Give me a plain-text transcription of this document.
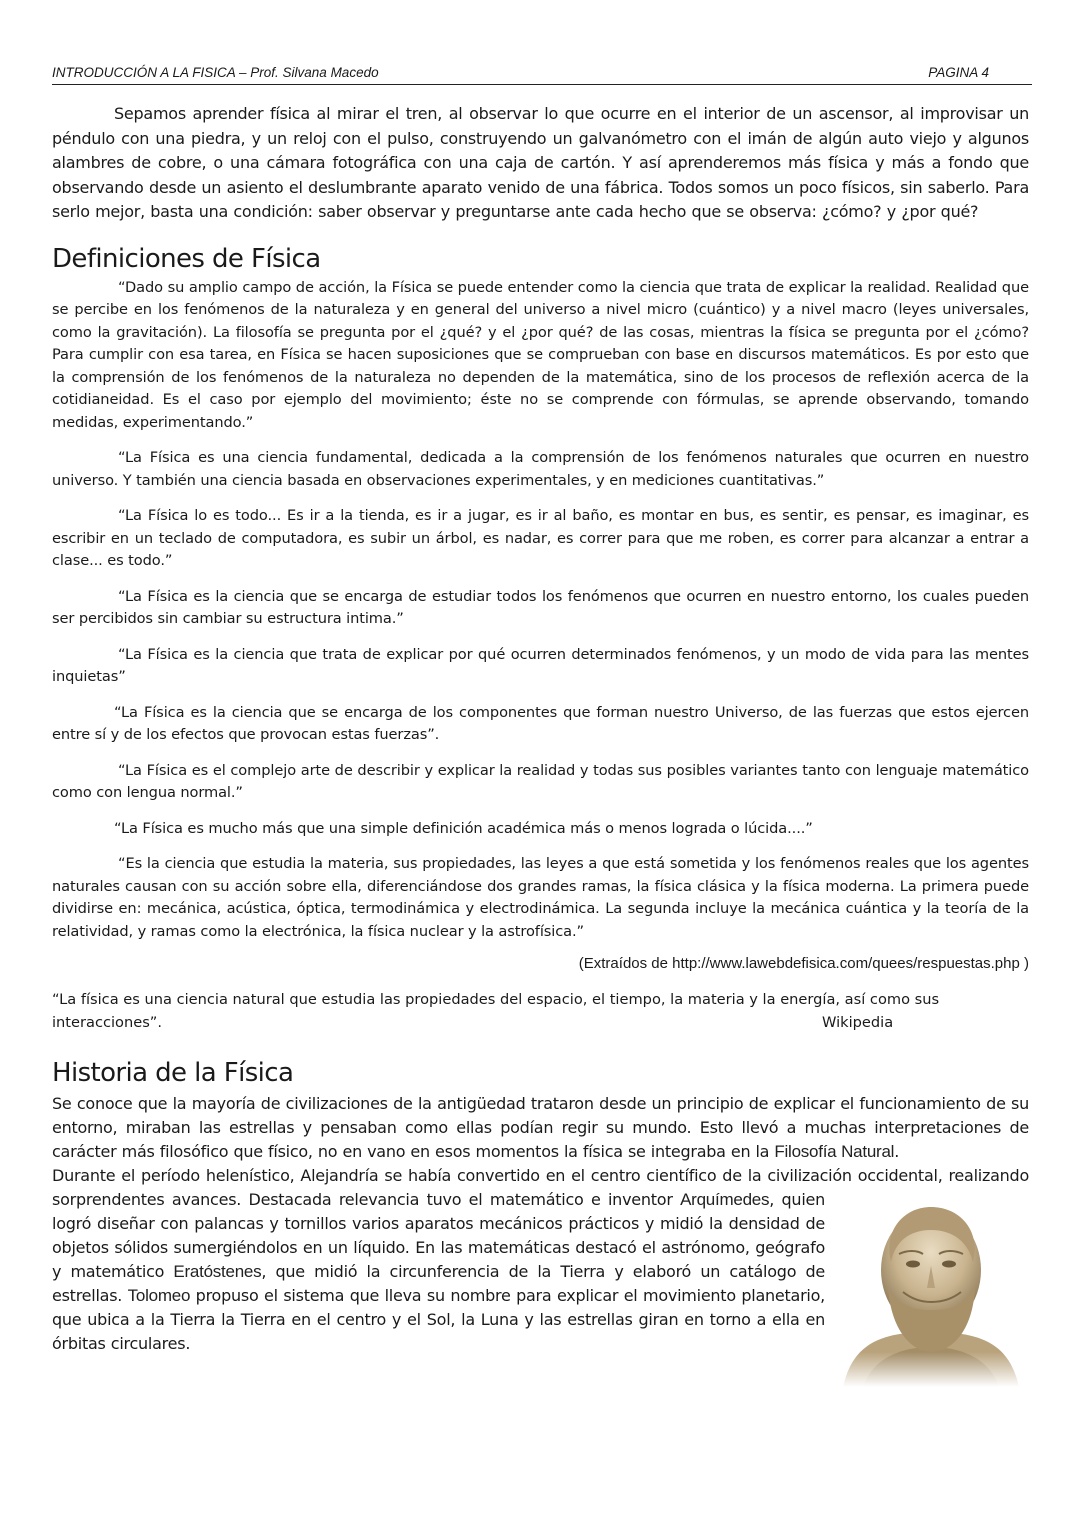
INTRODUCCIÓN A LA FISICA – Prof. Silvana Macedo	PAGINA 4

Sepamos aprender física al mirar el tren, al observar lo que ocurre en el interior de un ascensor, al improvisar un péndulo con una piedra, y un reloj con el pulso, construyendo un galvanómetro con el imán de algún auto viejo y algunos alambres de cobre, o una cámara fotográfica con una caja de cartón. Y así aprenderemos más física y más a fondo que observando desde un asiento el deslumbrante aparato venido de una fábrica. Todos somos un poco físicos, sin saberlo. Para serlo mejor, basta una condición: saber observar y preguntarse ante cada hecho que se observa: ¿cómo? y ¿por qué?

Definiciones de Física

“Dado su amplio campo de acción, la Física se puede entender como la ciencia que trata de explicar la realidad. Realidad que se percibe en los fenómenos de la naturaleza y en general del universo a nivel micro (cuántico) y a nivel macro (leyes universales, como la gravitación). La filosofía se pregunta por el ¿qué? y el ¿por qué? de las cosas, mientras la física se pregunta por el ¿cómo? Para cumplir con esa tarea, en Física se hacen suposiciones que se comprueban con base en discursos matemáticos. Es por esto que la comprensión de los fenómenos de la naturaleza no dependen de la matemática, sino de los procesos de reflexión acerca de la cotidianeidad. Es el caso por ejemplo del movimiento; éste no se comprende con fórmulas, se aprende observando, tomando medidas, experimentando.”

“La Física es una ciencia fundamental, dedicada a la comprensión de los fenómenos naturales que ocurren en nuestro universo. Y también una ciencia basada en observaciones experimentales, y en mediciones cuantitativas.”

“La Física lo es todo... Es ir a la tienda, es ir a jugar, es ir al baño, es montar en bus, es sentir, es pensar, es imaginar, es escribir en un teclado de computadora, es subir un árbol, es nadar, es correr para que me roben, es correr para alcanzar a entrar a clase... es todo.”

“La Física es la ciencia que se encarga de estudiar todos los fenómenos que ocurren en nuestro entorno, los cuales pueden ser percibidos sin cambiar su estructura intima.”

“La Física es la ciencia que trata de explicar por qué ocurren determinados fenómenos, y un modo de vida para las mentes inquietas”

“La Física es la ciencia que se encarga de los componentes que forman nuestro Universo, de las fuerzas que estos ejercen entre sí y de los efectos que provocan estas fuerzas”.

“La Física es el complejo arte de describir y explicar la realidad y todas sus posibles variantes tanto con lenguaje matemático como con lengua normal.”

“La Física es mucho más que una simple definición académica más o menos lograda o lúcida....”

“Es la ciencia que estudia la materia, sus propiedades, las leyes a que está sometida y los fenómenos reales que los agentes naturales causan con su acción sobre ella, diferenciándose dos grandes ramas, la física clásica y la física moderna. La primera puede dividirse en: mecánica, acústica, óptica, termodinámica y electrodinámica. La segunda incluye la mecánica cuántica y la teoría de la relatividad, y ramas como la electrónica, la física nuclear y la astrofísica.”

(Extraídos de http://www.lawebdefisica.com/quees/respuestas.php )
“La física es una ciencia natural que estudia las propiedades del espacio, el tiempo, la materia y la energía, así como sus interacciones”.	Wikipedia
Historia de la Física

Se conoce que la mayoría de civilizaciones de la antigüedad trataron desde un principio de explicar el funcionamiento de su entorno, miraban las estrellas y pensaban como ellas podían regir su mundo. Esto llevó a muchas interpretaciones de carácter más filosófico que físico, no en vano en esos momentos la física se integraba en la Filosofía Natural.

Durante el período helenístico, Alejandría se había convertido en el centro científico de la civilización occidental, realizando sorprendentes avances. Destacada relevancia tuvo el matemático e inventor
Arquímedes, quien logró diseñar con palancas y tornillos varios aparatos mecánicos prácticos y midió la densidad de objetos sólidos sumergiéndolos en un líquido. En las matemáticas destacó el astrónomo, geógrafo y matemático Eratóstenes, que midió la circunferencia de la Tierra y elaboró un catálogo de estrellas. Tolomeo propuso el sistema que lleva su nombre para explicar el movimiento planetario, que ubica a la Tierra la Tierra en el centro y el Sol, la Luna y las estrellas giran en torno a ella en órbitas circulares.
